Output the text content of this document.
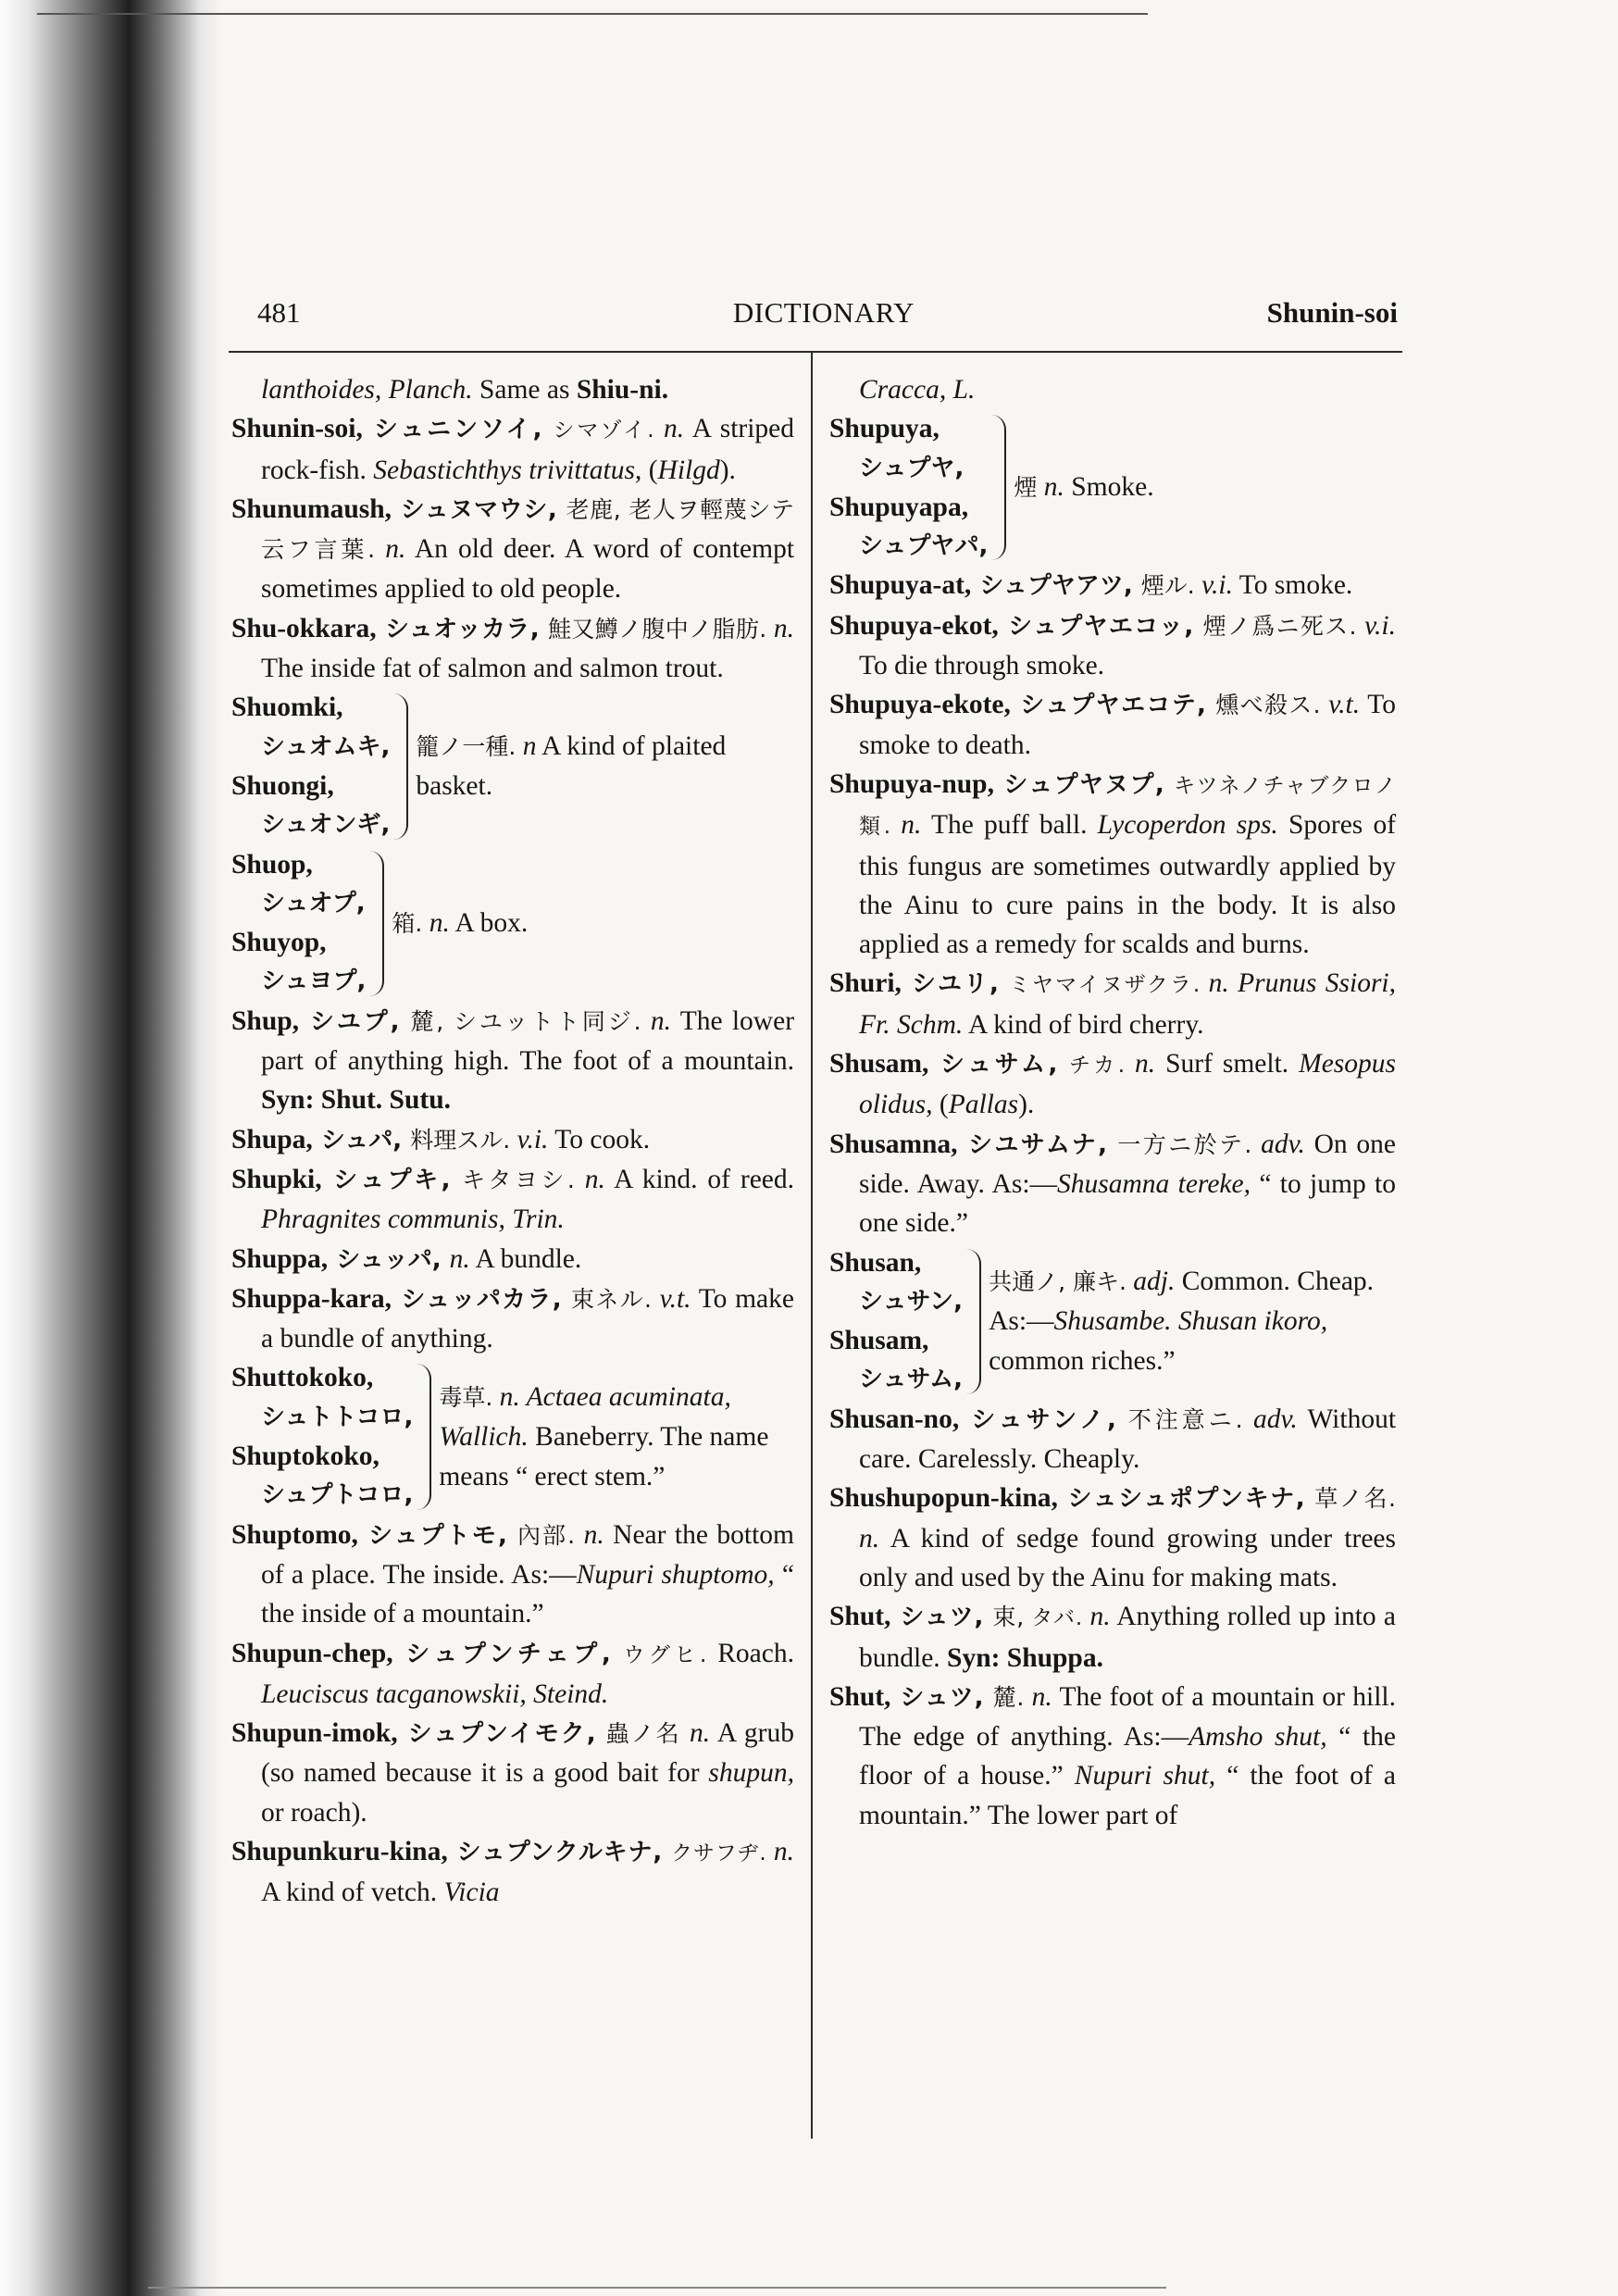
481	DICTIONARY	Shunin-soi
lanthoides, Planch. Same as Shiu-ni.
Shunin-soi, シュニンソイ, シマゾイ. n. A striped rock-fish. Sebastichthys trivittatus, (Hilgd).
Shunumaush, シュヌマウシ, 老鹿, 老人ヲ輕蔑シテ云フ言葉. n. An old deer. A word of contempt sometimes applied to old people.
Shu-okkara, シュオッカラ, 鮭又鱒ノ腹中ノ脂肪. n. The inside fat of salmon and salmon trout.
Shuomki,
シュオムキ,
Shuongi,
シュオンギ,
籠ノ一種. n A kind of plaited basket.
Shuop,
シュオプ,
Shuyop,
シュヨプ,
箱. n. A box.
Shup, シユプ, 麓, シユットト同ジ. n. The lower part of anything high. The foot of a mountain. Syn: Shut. Sutu.
Shupa, シュパ, 料理スル. v.i. To cook.
Shupki, シュプキ, キタヨシ. n. A kind. of reed. Phragnites communis, Trin.
Shuppa, シュッパ, n. A bundle.
Shuppa-kara, シュッパカラ, 束ネル. v.t. To make a bundle of anything.
Shuttokoko,
シュトトコロ,
Shuptokoko,
シュプトコロ,
毒草. n. Actaea acuminata, Wallich. Baneberry. The name means “ erect stem.”
Shuptomo, シュプトモ, 內部. n. Near the bottom of a place. The inside. As:—Nupuri shuptomo, “ the inside of a mountain.”
Shupun-chep, シュプンチェプ, ウグヒ. Roach. Leuciscus tacganowskii, Steind.
Shupun-imok, シュプンイモク, 蟲ノ名 n. A grub (so named because it is a good bait for shupun, or roach).
Shupunkuru-kina, シュプンクルキナ, クサフヂ. n. A kind of vetch. Vicia
Cracca, L.
Shupuya,
シュプヤ,
Shupuyapa,
シュプヤパ,
煙 n. Smoke.
Shupuya-at, シュプヤアツ, 煙ル. v.i. To smoke.
Shupuya-ekot, シュプヤエコッ, 煙ノ爲ニ死ス. v.i. To die through smoke.
Shupuya-ekote, シュプヤエコテ, 燻べ殺ス. v.t. To smoke to death.
Shupuya-nup, シュプヤヌプ, キツネノチャブクロノ類. n. The puff ball. Lycoperdon sps. Spores of this fungus are sometimes outwardly applied by the Ainu to cure pains in the body. It is also applied as a remedy for scalds and burns.
Shuri, シユリ, ミヤマイヌザクラ. n. Prunus Ssiori, Fr. Schm. A kind of bird cherry.
Shusam, シュサム, チカ. n. Surf smelt. Mesopus olidus, (Pallas).
Shusamna, シユサムナ, 一方ニ於テ. adv. On one side. Away. As:—Shusamna tereke, “ to jump to one side.”
Shusan,
シュサン,
Shusam,
シュサム,
共通ノ, 廉キ. adj. Common. Cheap. As:—Shusambe. Shusan ikoro, common riches.”
Shusan-no, シュサンノ, 不注意ニ. adv. Without care. Carelessly. Cheaply.
Shushupopun-kina, シュシュポプンキナ, 草ノ名. n. A kind of sedge found growing under trees only and used by the Ainu for making mats.
Shut, シュツ, 束, タバ. n. Anything rolled up into a bundle. Syn: Shuppa.
Shut, シュツ, 麓. n. The foot of a mountain or hill. The edge of anything. As:—Amsho shut, “ the floor of a house.” Nupuri shut, “ the foot of a mountain.” The lower part of
